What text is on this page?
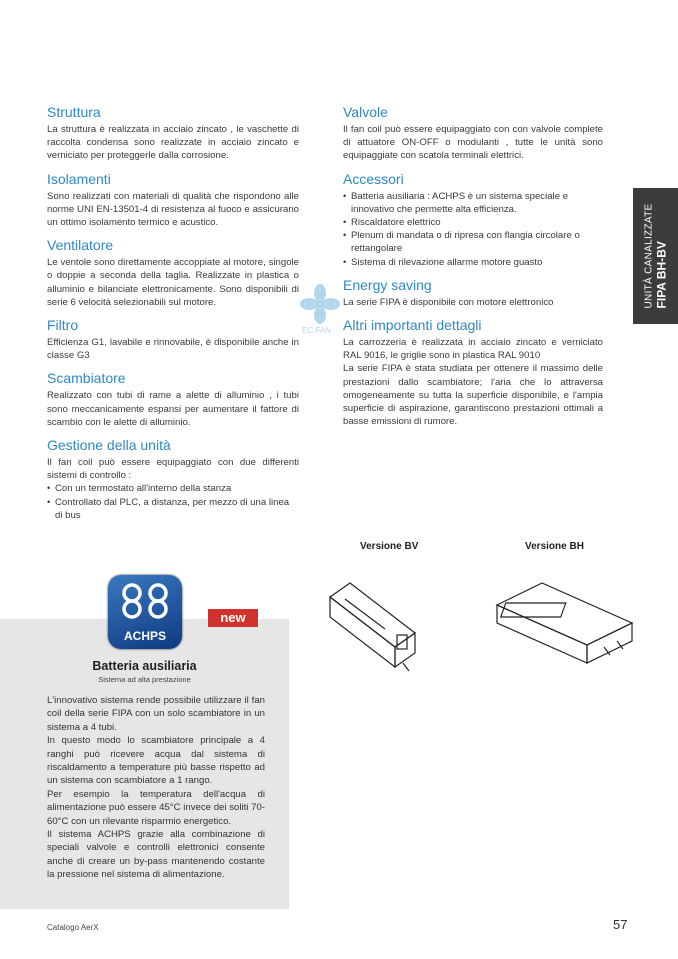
Struttura

La struttura è realizzata in acciaio zincato , le vaschette di raccolta condensa sono realizzate in acciaio zincato e verniciato per proteggerle dalla corrosione.

Isolamenti

Sono realizzati con materiali di qualità che rispondono alle norme UNI EN-13501-4 di resistenza al fuoco e assicurano un ottimo isolamento termico e acustico.

Ventilatore

Le ventole sono direttamente accoppiate al motore, singole o doppie a seconda della taglia. Realizzate in plastica o alluminio e bilanciate elettronicamente. Sono disponibili di serie 6 velocità selezionabili sul motore.

Filtro

Efficienza G1, lavabile e rinnovabile, è disponibile anche in classe G3

Scambiatore

Realizzato con tubi di rame a alette di alluminio , i tubi sono meccanicamente espansi per aumentare il fattore di scambio con le alette di alluminio.

Gestione della unità

Il fan coil può essere equipaggiato con due differenti sistemi di controllo :

• Con un termostato all'interno della stanza
• Controllato dal PLC, a distanza, per mezzo di una linea di bus
EC FAN
Valvole

Il fan coil può essere equipaggiato con con valvole completе di attuatore ON-OFF o modulanti , tutte le unità sono equipaggiate con scatola terminali elettrici.

Accessori
• Batteria ausiliaria : ACHPS è un sistema speciale e innovativo che permette alta efficienza.
• Riscaldatore elettrico
• Plenum di mandata o di ripresa con flangia circolare o rettangolare
• Sistema di rilevazione allarme motore guasto
Energy saving

La serie FIPA è disponibile con motore elettronico

Altri importanti dettagli

La carrozzeria è realizzata in acciaio zincato e verniciato RAL 9016, le griglie sono in plastica RAL 9010

La serie FIPA è stata studiata per ottenere il massimo delle prestazioni dallo scambiatore; l'aria che lo attraversa omogeneamente su tutta la superficie disponibile, e l'ampia superficie di aspirazione, garantiscono prestazioni ottimali a basse emissioni di rumore.

UNITÀ CANALIZZATE FIPA BH-BV
ACHPS
new
Batteria ausiliaria
Sistema ad alta prestazione
L'innovativo sistema rende possibile utilizzare il fan coil della serie FIPA con un solo scambiatore in un sistema a 4 tubi.
In questo modo lo scambiatore principale a 4 ranghi può ricevere acqua dal sistema di riscaldamento a temperature più basse rispetto ad un sistema con scambiatore a 1 rango.
Per esempio la temperatura dell'acqua di alimentazione può essere 45°C invece dei soliti 70-60°C con un rilevante risparmio energetico.
Il sistema ACHPS grazie alla combinazione di speciali valvole e controlli elettronici consente anche di creare un by-pass mantenendo costante la pressione nel sistema di alimentazione.
Versione BV	Versione BH
Catalogo AerX	57
